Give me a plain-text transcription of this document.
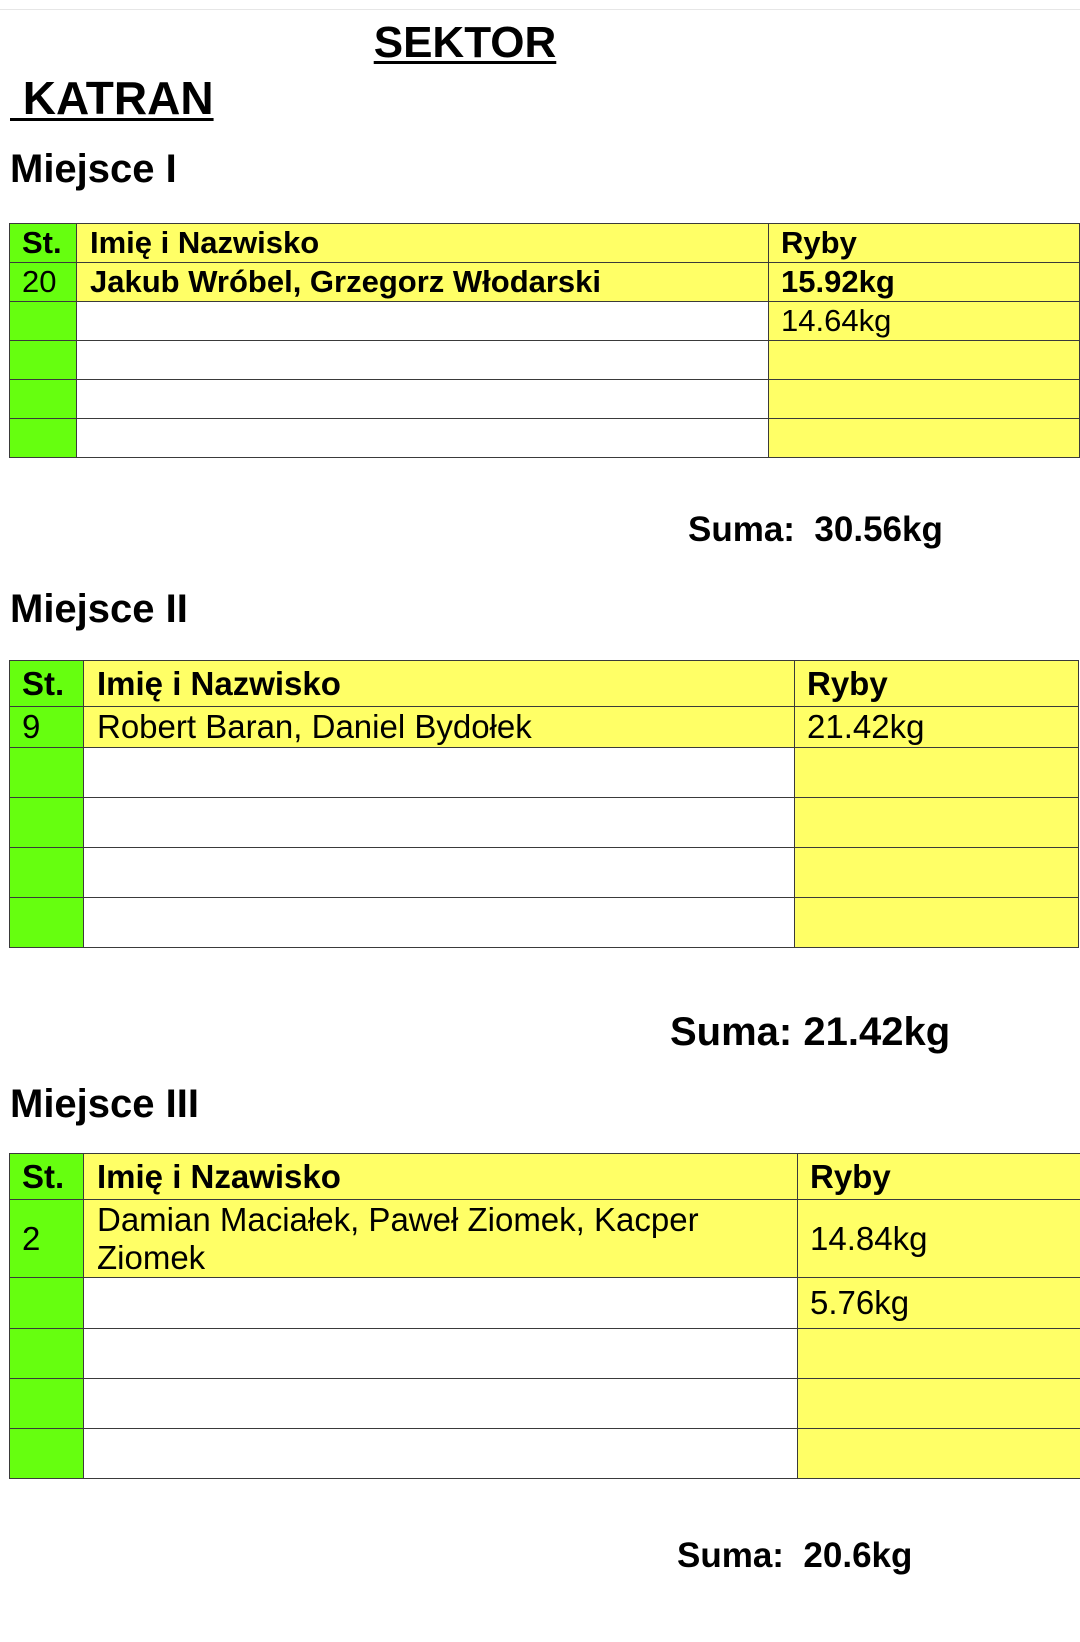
SEKTOR
KATRAN
Miejsce I
St.	Imię i Nazwisko	Ryby
20	Jakub Wróbel, Grzegorz Włodarski	15.92kg
		14.64kg

Suma: 30.56kg
Miejsce II
St.	Imię i Nazwisko	Ryby
9	Robert Baran, Daniel Bydołek	21.42kg

Suma: 21.42kg
Miejsce III
St.	Imię i Nzawisko	Ryby
2	Damian Maciałek, Paweł Ziomek, Kacper Ziomek	14.84kg
		5.76kg

Suma: 20.6kg
